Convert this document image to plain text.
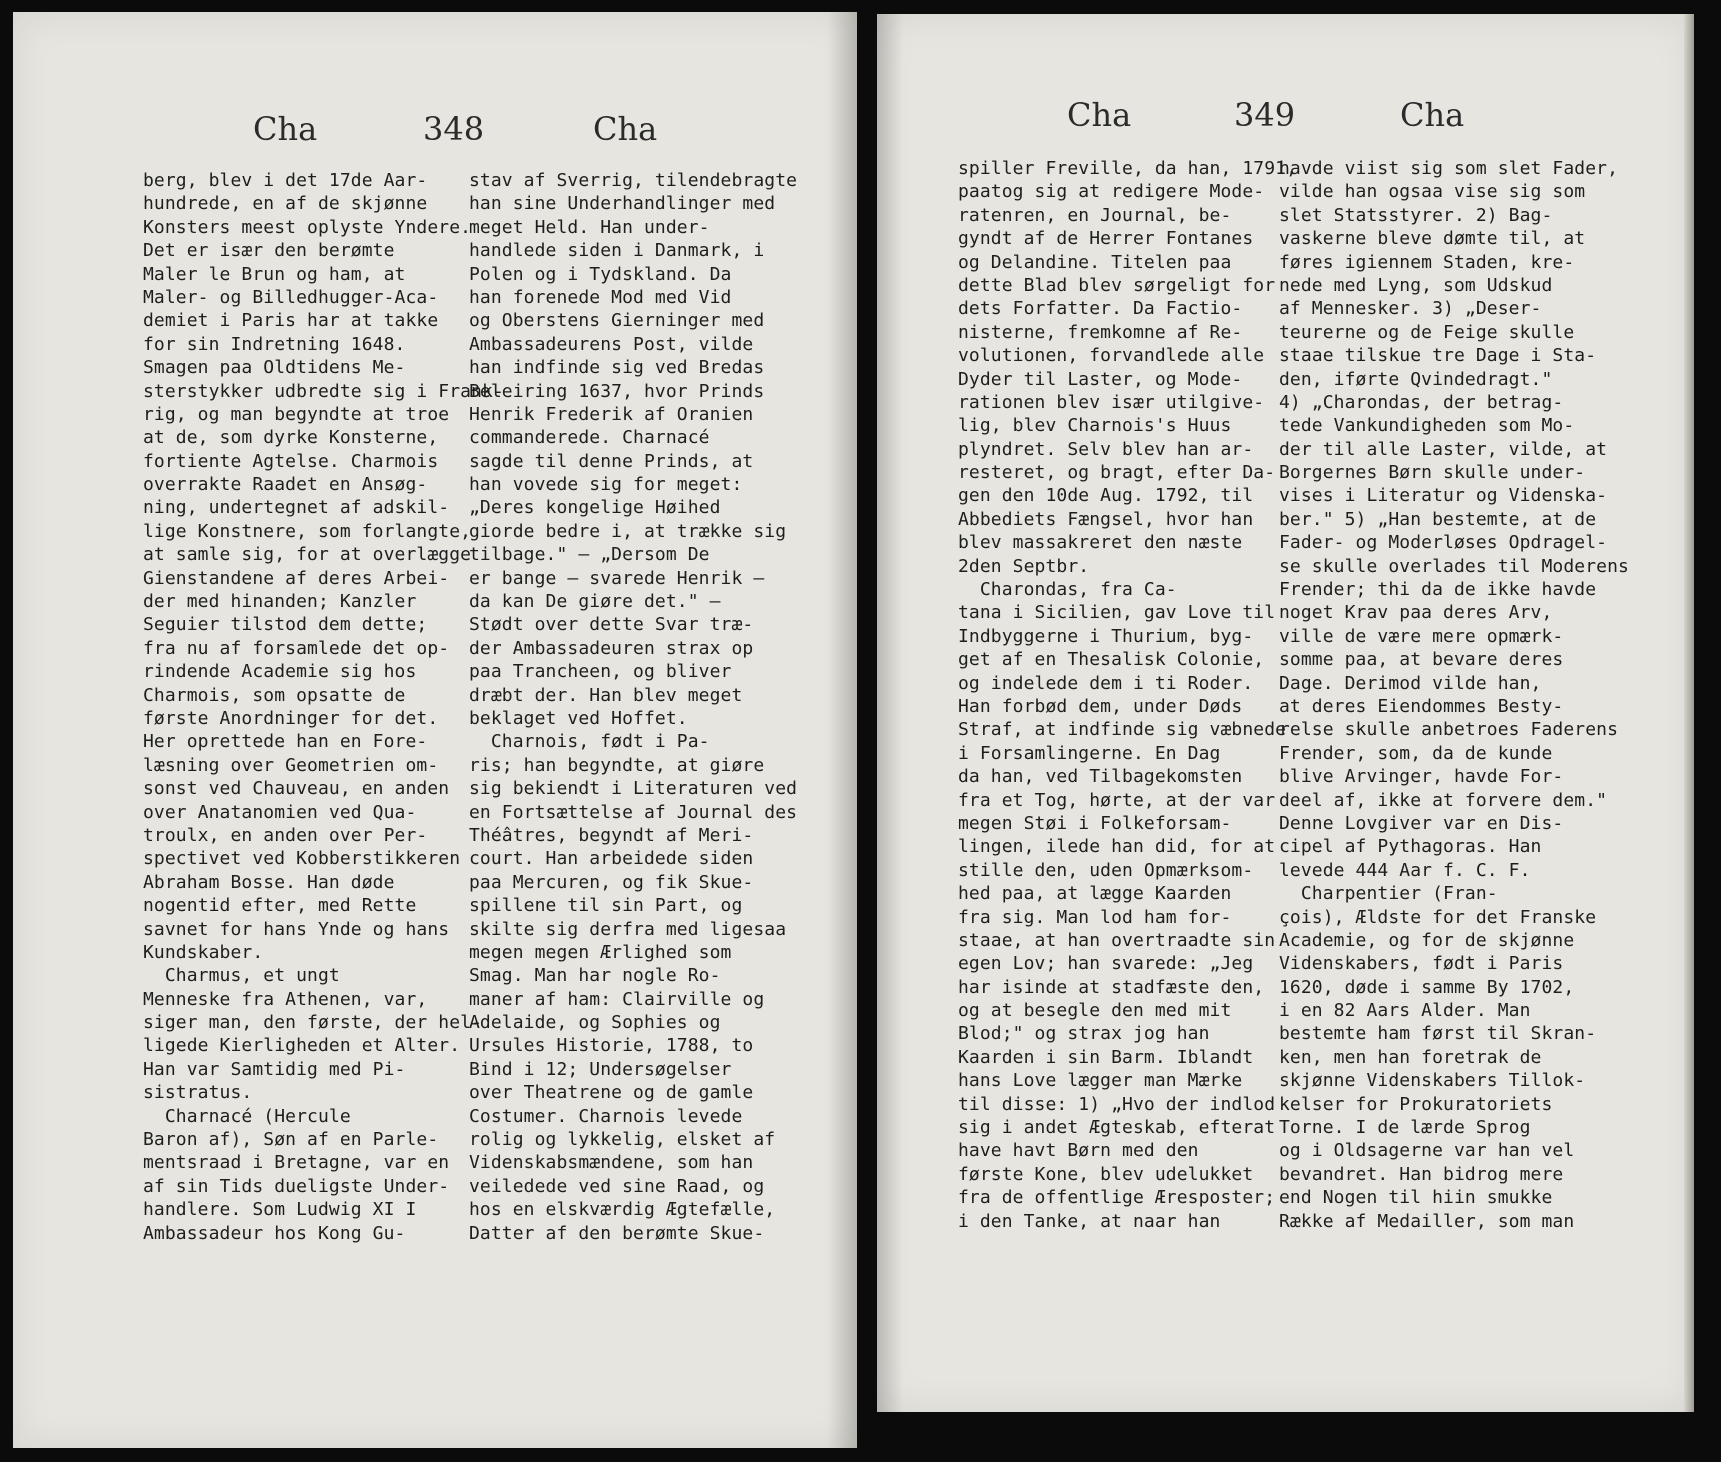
Cha	348	Cha
berg, blev i det 17de Aar-
hundrede, en af de skjønne
Konsters meest oplyste Yndere.
Det er især den berømte
Maler le Brun og ham, at
Maler- og Billedhugger-Aca-
demiet i Paris har at takke
for sin Indretning 1648.
Smagen paa Oldtidens Me-
sterstykker udbredte sig i Frank-
rig, og man begyndte at troe
at de, som dyrke Konsterne,
fortiente Agtelse. Charmois
overrakte Raadet en Ansøg-
ning, undertegnet af adskil-
lige Konstnere, som forlangte,
at samle sig, for at overlægge
Gienstandene af deres Arbei-
der med hinanden; Kanzler
Seguier tilstod dem dette;
fra nu af forsamlede det op-
rindende Academie sig hos
Charmois, som opsatte de
første Anordninger for det.
Her oprettede han en Fore-
læsning over Geometrien om-
sonst ved Chauveau, en anden
over Anatanomien ved Qua-
troulx, en anden over Per-
spectivet ved Kobberstikkeren
Abraham Bosse. Han døde
nogentid efter, med Rette
savnet for hans Ynde og hans
Kundskaber.
Charmus, et ungt
Menneske fra Athenen, var,
siger man, den første, der hel-
ligede Kierligheden et Alter.
Han var Samtidig med Pi-
sistratus.
Charnacé (Hercule
Baron af), Søn af en Parle-
mentsraad i Bretagne, var en
af sin Tids dueligste Under-
handlere. Som Ludwig XI I
Ambassadeur hos Kong Gu-
stav af Sverrig, tilendebragte
han sine Underhandlinger med
meget Held. Han under-
handlede siden i Danmark, i
Polen og i Tydskland. Da
han forenede Mod med Vid
og Oberstens Gierninger med
Ambassadeurens Post, vilde
han indfinde sig ved Bredas
Beleiring 1637, hvor Prinds
Henrik Frederik af Oranien
commanderede. Charnacé
sagde til denne Prinds, at
han vovede sig for meget:
„Deres kongelige Høihed
giorde bedre i, at trække sig
tilbage." — „Dersom De
er bange — svarede Henrik —
da kan De giøre det." —
Stødt over dette Svar træ-
der Ambassadeuren strax op
paa Trancheen, og bliver
dræbt der. Han blev meget
beklaget ved Hoffet.
Charnois, født i Pa-
ris; han begyndte, at giøre
sig bekiendt i Literaturen ved
en Fortsættelse af Journal des
Théâtres, begyndt af Meri-
court. Han arbeidede siden
paa Mercuren, og fik Skue-
spillene til sin Part, og
skilte sig derfra med ligesaa
megen megen Ærlighed som
Smag. Man har nogle Ro-
maner af ham: Clairville og
Adelaide, og Sophies og
Ursules Historie, 1788, to
Bind i 12; Undersøgelser
over Theatrene og de gamle
Costumer. Charnois levede
rolig og lykkelig, elsket af
Videnskabsmændene, som han
veiledede ved sine Raad, og
hos en elskværdig Ægtefælle,
Datter af den berømte Skue-
Cha	349	Cha
spiller Freville, da han, 1791,
paatog sig at redigere Mode-
ratenren, en Journal, be-
gyndt af de Herrer Fontanes
og Delandine. Titelen paa
dette Blad blev sørgeligt for
dets Forfatter. Da Factio-
nisterne, fremkomne af Re-
volutionen, forvandlede alle
Dyder til Laster, og Mode-
rationen blev især utilgive-
lig, blev Charnois's Huus
plyndret. Selv blev han ar-
resteret, og bragt, efter Da-
gen den 10de Aug. 1792, til
Abbediets Fængsel, hvor han
blev massakreret den næste
2den Septbr.
Charondas, fra Ca-
tana i Sicilien, gav Love til
Indbyggerne i Thurium, byg-
get af en Thesalisk Colonie,
og indelede dem i ti Roder.
Han forbød dem, under Døds
Straf, at indfinde sig væbnede
i Forsamlingerne. En Dag
da han, ved Tilbagekomsten
fra et Tog, hørte, at der var
megen Støi i Folkeforsam-
lingen, ilede han did, for at
stille den, uden Opmærksom-
hed paa, at lægge Kaarden
fra sig. Man lod ham for-
staae, at han overtraadte sin
egen Lov; han svarede: „Jeg
har isinde at stadfæste den,
og at besegle den med mit
Blod;" og strax jog han
Kaarden i sin Barm. Iblandt
hans Love lægger man Mærke
til disse: 1) „Hvo der indlod
sig i andet Ægteskab, efterat
have havt Børn med den
første Kone, blev udelukket
fra de offentlige Æresposter;
i den Tanke, at naar han
havde viist sig som slet Fader,
vilde han ogsaa vise sig som
slet Statsstyrer. 2) Bag-
vaskerne bleve dømte til, at
føres igiennem Staden, kre-
nede med Lyng, som Udskud
af Mennesker. 3) „Deser-
teurerne og de Feige skulle
staae tilskue tre Dage i Sta-
den, iførte Qvindedragt."
4) „Charondas, der betrag-
tede Vankundigheden som Mo-
der til alle Laster, vilde, at
Borgernes Børn skulle under-
vises i Literatur og Videnska-
ber." 5) „Han bestemte, at de
Fader- og Moderløses Opdragel-
se skulle overlades til Moderens
Frender; thi da de ikke havde
noget Krav paa deres Arv,
ville de være mere opmærk-
somme paa, at bevare deres
Dage. Derimod vilde han,
at deres Eiendommes Besty-
relse skulle anbetroes Faderens
Frender, som, da de kunde
blive Arvinger, havde For-
deel af, ikke at forvere dem."
Denne Lovgiver var en Dis-
cipel af Pythagoras. Han
levede 444 Aar f. C. F.
Charpentier (Fran-
çois), Ældste for det Franske
Academie, og for de skjønne
Videnskabers, født i Paris
1620, døde i samme By 1702,
i en 82 Aars Alder. Man
bestemte ham først til Skran-
ken, men han foretrak de
skjønne Videnskabers Tillok-
kelser for Prokuratoriets
Torne. I de lærde Sprog
og i Oldsagerne var han vel
bevandret. Han bidrog mere
end Nogen til hiin smukke
Række af Medailler, som man
